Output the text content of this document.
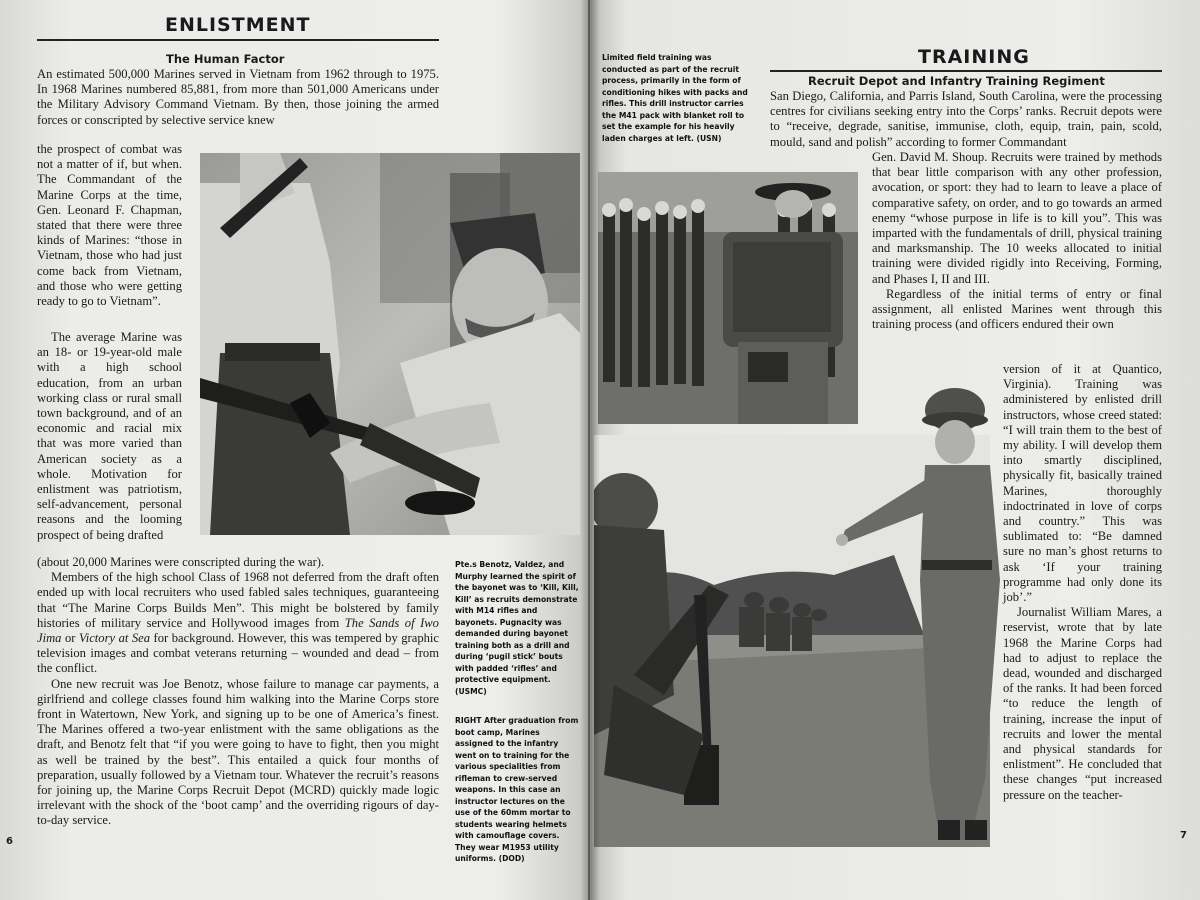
ENLISTMENT
The Human Factor

An estimated 500,000 Marines served in Vietnam from 1962 through to 1975. In 1968 Marines numbered 85,881, from more than 501,000 Americans under the Military Advisory Command Vietnam. By then, those joining the armed forces or conscripted by selective service knew

the prospect of combat was not a matter of if, but when. The Commandant of the Marine Corps at the time, Gen. Leonard F. Chapman, stated that there were three kinds of Marines: “those in Vietnam, those who had just come back from Vietnam, and those who were getting ready to go to Vietnam”.

The average Marine was an 18- or 19-year-old male with a high school education, from an urban working class or rural small town background, and of an economic and racial mix that was more varied than American society as a whole. Motivation for enlistment was patriotism, self-advancement, personal reasons and the looming prospect of being drafted

(about 20,000 Marines were conscripted during the war).

Members of the high school Class of 1968 not deferred from the draft often ended up with local recruiters who used fabled sales techniques, guaranteeing that “The Marine Corps Builds Men”. This might be bolstered by family histories of military service and Hollywood images from The Sands of Iwo Jima or Victory at Sea for background. However, this was tempered by graphic television images and combat veterans returning – wounded and dead – from the conflict.

One new recruit was Joe Benotz, whose failure to manage car payments, a girlfriend and college classes found him walking into the Marine Corps store front in Watertown, New York, and signing up to be one of America’s finest. The Marines offered a two-year enlistment with the same obligations as the draft, and Benotz felt that “if you were going to have to fight, then you might as well be trained by the best”. This entailed a quick four months of preparation, usually followed by a Vietnam tour. Whatever the recruit’s reasons for joining up, the Marine Corps Recruit Depot (MCRD) quickly made logic irrelevant with the shock of the ‘boot camp’ and the overriding rigours of day-to-day service.

6
Limited field training was conducted as part of the recruit process, primarily in the form of conditioning hikes with packs and rifles. This drill instructor carries the M41 pack with blanket roll to set the example for his heavily laden charges at left. (USN)
TRAINING
Recruit Depot and Infantry Training Regiment

San Diego, California, and Parris Island, South Carolina, were the processing centres for civilians seeking entry into the Corps’ ranks. Recruit depots were to “receive, degrade, sanitise, immunise, cloth, equip, train, pain, scold, mould, sand and polish” according to former Commandant

Gen. David M. Shoup. Recruits were trained by methods that bear little comparison with any other profession, avocation, or sport: they had to learn to leave a place of comparative safety, on order, and to go towards an armed enemy “whose purpose in life is to kill you”. This was imparted with the fundamentals of drill, physical training and marksmanship. The 10 weeks allocated to initial training were divided rigidly into Receiving, Forming, and Phases I, II and III.

Regardless of the initial terms of entry or final assignment, all enlisted Marines went through this training process (and officers endured their own

version of it at Quantico, Virginia). Training was administered by enlisted drill instructors, whose creed stated: “I will train them to the best of my ability. I will develop them into smartly disciplined, physically fit, basically trained Marines, thoroughly indoctrinated in love of corps and country.” This was sublimated to: “Be damned sure no man’s ghost returns to ask ‘If your training programme had only done its job’.”

Journalist William Mares, a reservist, wrote that by late 1968 the Marine Corps had had to adjust to replace the dead, wounded and discharged of the ranks. It had been forced “to reduce the length of training, increase the input of recruits and lower the mental and physical standards for enlistment”. He concluded that these changes “put increased pressure on the teacher-

7
Pte.s Benotz, Valdez, and Murphy learned the spirit of the bayonet was to ‘Kill, Kill, Kill’ as recruits demonstrate with M14 rifles and bayonets. Pugnacity was demanded during bayonet training both as a drill and during ‘pugil stick’ bouts with padded ‘rifles’ and protective equipment. (USMC)
RIGHT After graduation from boot camp, Marines assigned to the infantry went on to training for the various specialities from rifleman to crew-served weapons. In this case an instructor lectures on the use of the 60mm mortar to students wearing helmets with camouflage covers. They wear M1953 utility uniforms. (DOD)
